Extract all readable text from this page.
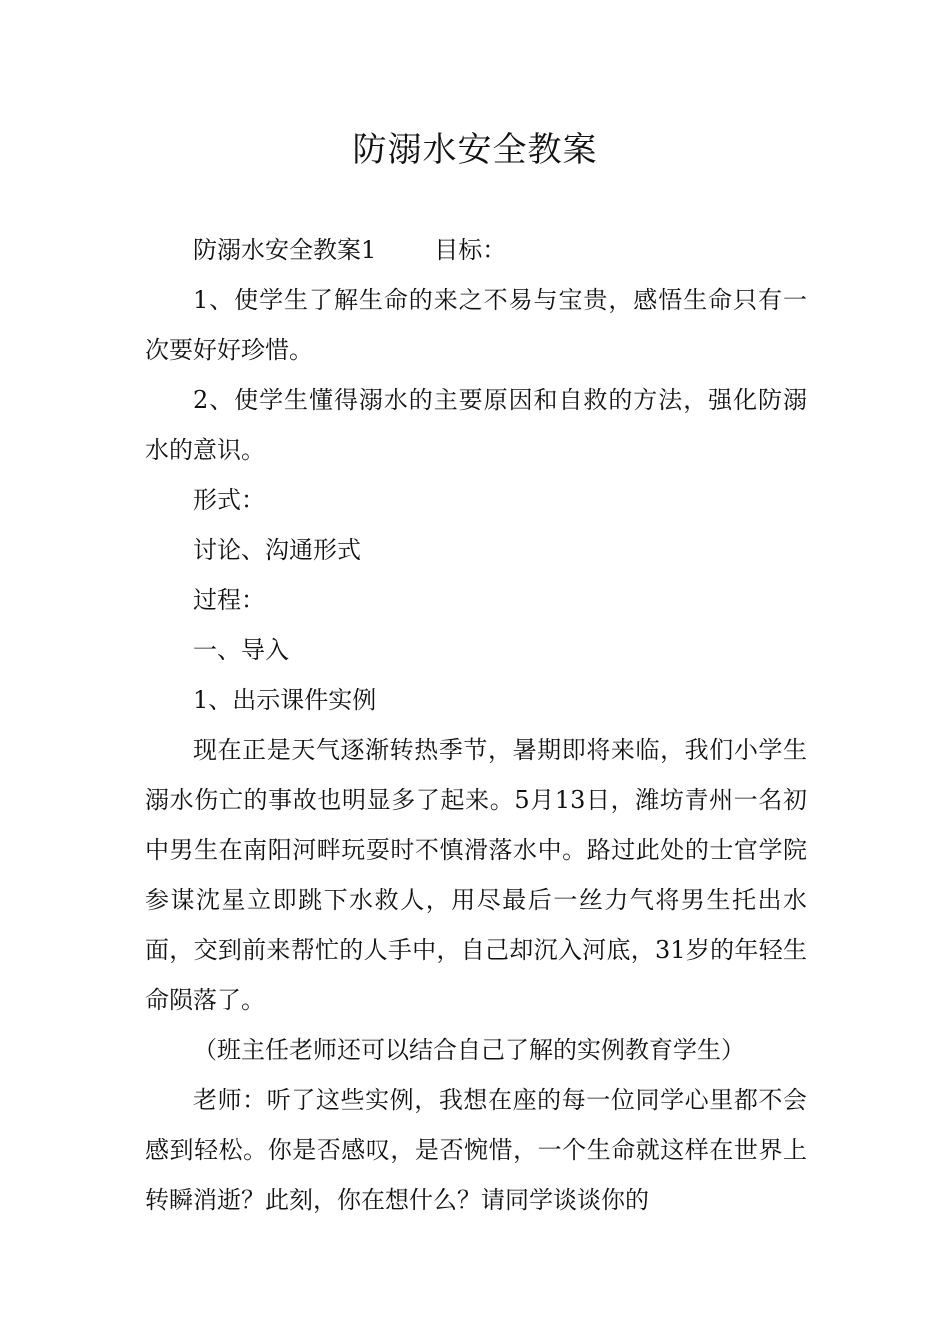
防溺水安全教案

防溺水安全教案1 目标：

1、使学生了解生命的来之不易与宝贵，感悟生命只有一次要好好珍惜。

2、使学生懂得溺水的主要原因和自救的方法，强化防溺水的意识。

形式：

讨论、沟通形式

过程：

一、导入

1、出示课件实例

现在正是天气逐渐转热季节，暑期即将来临，我们小学生溺水伤亡的事故也明显多了起来。5月13日，潍坊青州一名初中男生在南阳河畔玩耍时不慎滑落水中。路过此处的士官学院参谋沈星立即跳下水救人，用尽最后一丝力气将男生托出水面，交到前来帮忙的人手中，自己却沉入河底，31岁的年轻生命陨落了。

（班主任老师还可以结合自己了解的实例教育学生）

老师：听了这些实例，我想在座的每一位同学心里都不会感到轻松。你是否感叹，是否惋惜，一个生命就这样在世界上转瞬消逝？此刻，你在想什么？请同学谈谈你的
